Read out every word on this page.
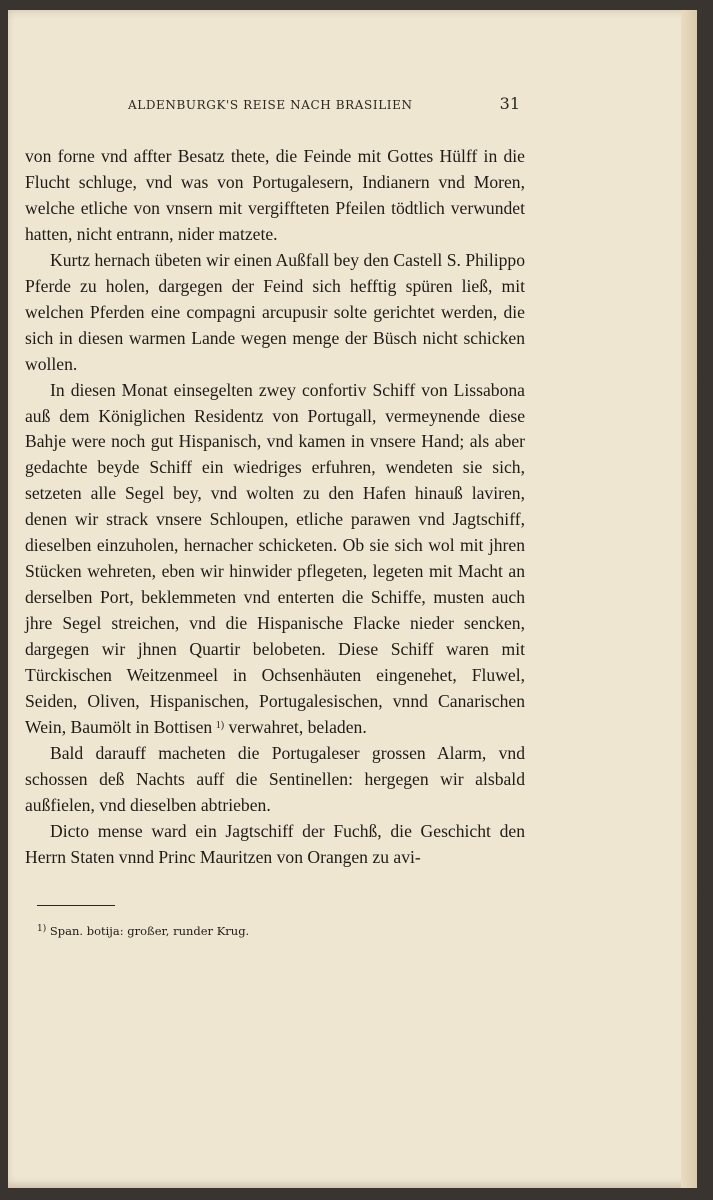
ALDENBURGK'S REISE NACH BRASILIEN	31

von forne vnd affter Besatz thete, die Feinde mit Gottes Hülff in die Flucht schluge, vnd was von Portugalesern, Indianern vnd Moren, welche etliche von vnsern mit vergiffteten Pfeilen tödtlich verwundet hatten, nicht entrann, nider matzete.

Kurtz hernach übeten wir einen Außfall bey den Castell S. Philippo Pferde zu holen, dargegen der Feind sich hefftig spüren ließ, mit welchen Pferden eine compagni arcupusir solte gerichtet werden, die sich in diesen warmen Lande wegen menge der Büsch nicht schicken wollen.

In diesen Monat einsegelten zwey confortiv Schiff von Lissabona auß dem Königlichen Residentz von Portugall, vermeynende diese Bahje were noch gut Hispanisch, vnd kamen in vnsere Hand; als aber gedachte beyde Schiff ein wiedriges erfuhren, wendeten sie sich, setzeten alle Segel bey, vnd wolten zu den Hafen hinauß laviren, denen wir strack vnsere Schloupen, etliche parawen vnd Jagtschiff, dieselben einzuholen, hernacher schicketen. Ob sie sich wol mit jhren Stücken wehreten, eben wir hinwider pflegeten, legeten mit Macht an derselben Port, beklemmeten vnd enterten die Schiffe, musten auch jhre Segel streichen, vnd die Hispanische Flacke nieder sencken, dargegen wir jhnen Quartir belobeten. Diese Schiff waren mit Türckischen Weitzenmeel in Ochsenhäuten eingenehet, Fluwel, Seiden, Oliven, Hispanischen, Portugalesischen, vnnd Canarischen Wein, Baumölt in Bottisen  $^{1)}$ verwahret, beladen.

Bald darauff macheten die Portugaleser grossen Alarm, vnd schossen deß Nachts auff die Sentinellen: hergegen wir alsbald außfielen, vnd dieselben abtrieben.

Dicto mense ward ein Jagtschiff der Fuchß, die Geschicht den Herrn Staten vnnd Princ Mauritzen von Orangen zu avi-

$^{1)}$ Span. botija: großer, runder Krug.
